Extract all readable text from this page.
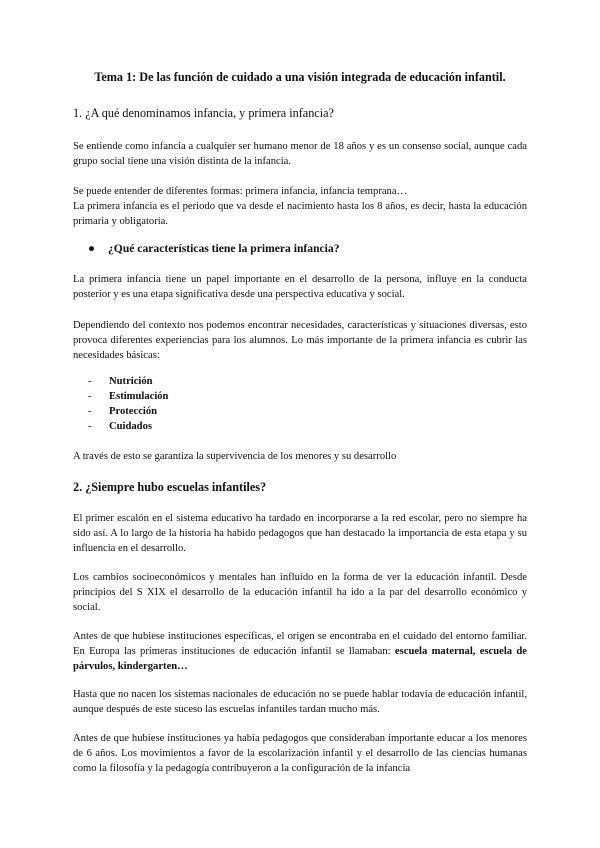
Tema 1: De las función de cuidado a una visión integrada de educación infantil.

1. ¿A qué denominamos infancia, y primera infancia?

Se entiende como infancia a cualquier ser humano menor de 18 años y es un consenso social, aunque cada grupo social tiene una visión distinta de la infancia.

Se puede entender de diferentes formas: primera infancia, infancia temprana…

La primera infancia es el periodo que va desde el nacimiento hasta los 8 años, es decir, hasta la educación primaria y obligatoria.

● ¿Qué características tiene la primera infancia?

La primera infancia tiene un papel importante en el desarrollo de la persona, influye en la conducta posterior y es una etapa significativa desde una perspectiva educativa y social.

Dependiendo del contexto nos podemos encontrar necesidades, características y situaciones diversas, esto provoca diferentes experiencias para los alumnos. Lo más importante de la primera infancia es cubrir las necesidades básicas:

- Nutrición
- Estimulación
- Protección
- Cuidados

A través de esto se garantiza la supervivencia de los menores y su desarrollo

2. ¿Siempre hubo escuelas infantiles?

El primer escalón en el sistema educativo ha tardado en incorporarse a la red escolar, pero no siempre ha sido así. A lo largo de la historia ha habido pedagogos que han destacado la importancia de esta etapa y su influencia en el desarrollo.

Los cambios socioeconómicos y mentales han influido en la forma de ver la educación infantil. Desde principios del S XIX el desarrollo de la educación infantil ha ido a la par del desarrollo económico y social.

Antes de que hubiese instituciones específicas, el origen se encontraba en el cuidado del entorno familiar. En Europa las primeras instituciones de educación infantil se llamaban: escuela maternal, escuela de párvulos, kindergarten…

Hasta que no nacen los sistemas nacionales de educación no se puede hablar todavía de educación infantil, aunque después de este suceso las escuelas infantiles tardan mucho más.

Antes de que hubiese instituciones ya había pedagogos que consideraban importante educar a los menores de 6 años. Los movimientos a favor de la escolarización infantil y el desarrollo de las ciencias humanas como la filosofía y la pedagogía contribuyeron a la configuración de la infancia
